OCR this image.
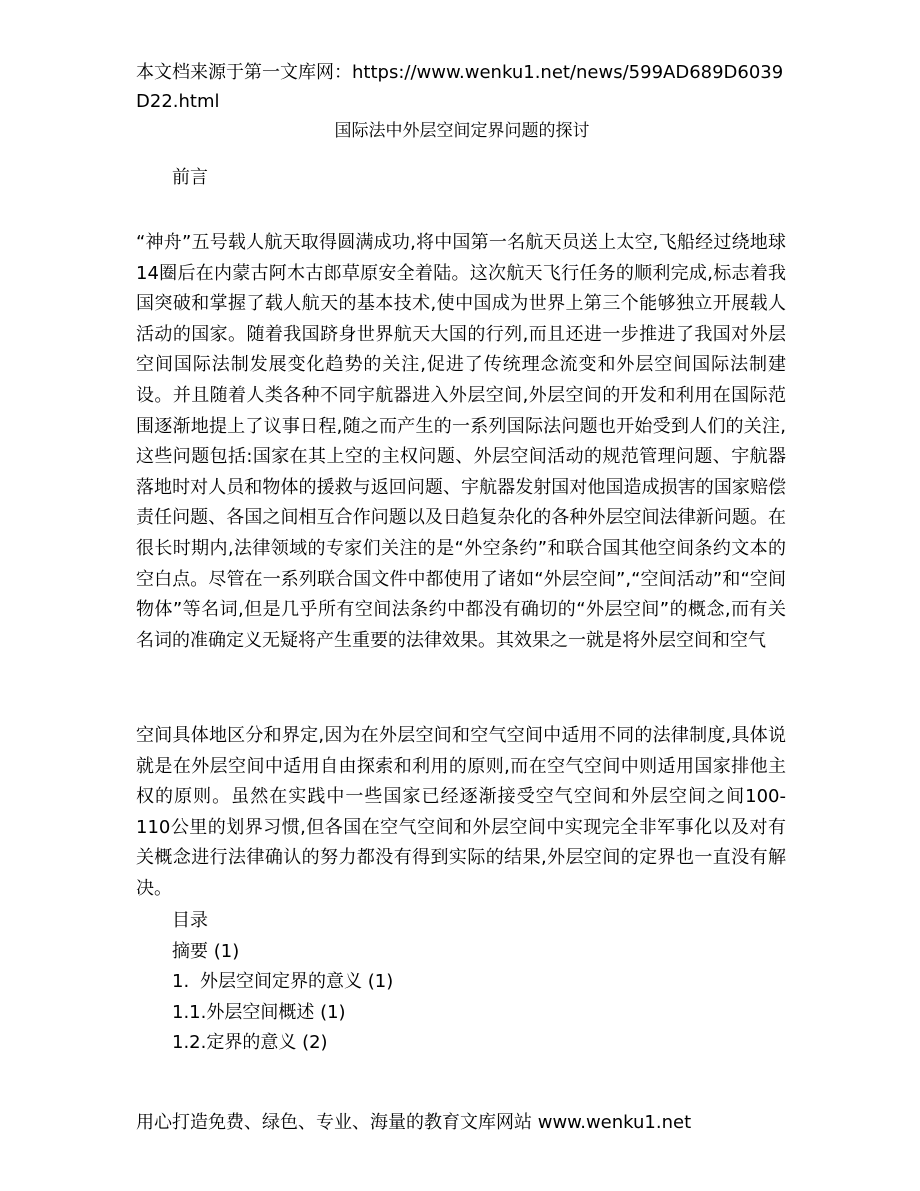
本文档来源于第一文库网：https://www.wenku1.net/news/599AD689D6039D22.html
国际法中外层空间定界问题的探讨
前言
“神舟”五号载人航天取得圆满成功,将中国第一名航天员送上太空,飞船经过绕地球14圈后在内蒙古阿木古郎草原安全着陆。这次航天飞行任务的顺利完成,标志着我国突破和掌握了载人航天的基本技术,使中国成为世界上第三个能够独立开展载人活动的国家。随着我国跻身世界航天大国的行列,而且还进一步推进了我国对外层空间国际法制发展变化趋势的关注,促进了传统理念流变和外层空间国际法制建设。并且随着人类各种不同宇航器进入外层空间,外层空间的开发和利用在国际范围逐渐地提上了议事日程,随之而产生的一系列国际法问题也开始受到人们的关注,这些问题包括:国家在其上空的主权问题、外层空间活动的规范管理问题、宇航器落地时对人员和物体的援救与返回问题、宇航器发射国对他国造成损害的国家赔偿责任问题、各国之间相互合作问题以及日趋复杂化的各种外层空间法律新问题。在很长时期内,法律领域的专家们关注的是“外空条约”和联合国其他空间条约文本的空白点。尽管在一系列联合国文件中都使用了诸如“外层空间”,“空间活动”和“空间物体”等名词,但是几乎所有空间法条约中都没有确切的“外层空间”的概念,而有关名词的准确定义无疑将产生重要的法律效果。其效果之一就是将外层空间和空气
空间具体地区分和界定,因为在外层空间和空气空间中适用不同的法律制度,具体说就是在外层空间中适用自由探索和利用的原则,而在空气空间中则适用国家排他主权的原则。虽然在实践中一些国家已经逐渐接受空气空间和外层空间之间100-110公里的划界习惯,但各国在空气空间和外层空间中实现完全非军事化以及对有关概念进行法律确认的努力都没有得到实际的结果,外层空间的定界也一直没有解决。
目录
摘要 (1)
1. 外层空间定界的意义 (1)
1.1.外层空间概述 (1)
1.2.定界的意义 (2)
用心打造免费、绿色、专业、海量的教育文库网站 www.wenku1.net
